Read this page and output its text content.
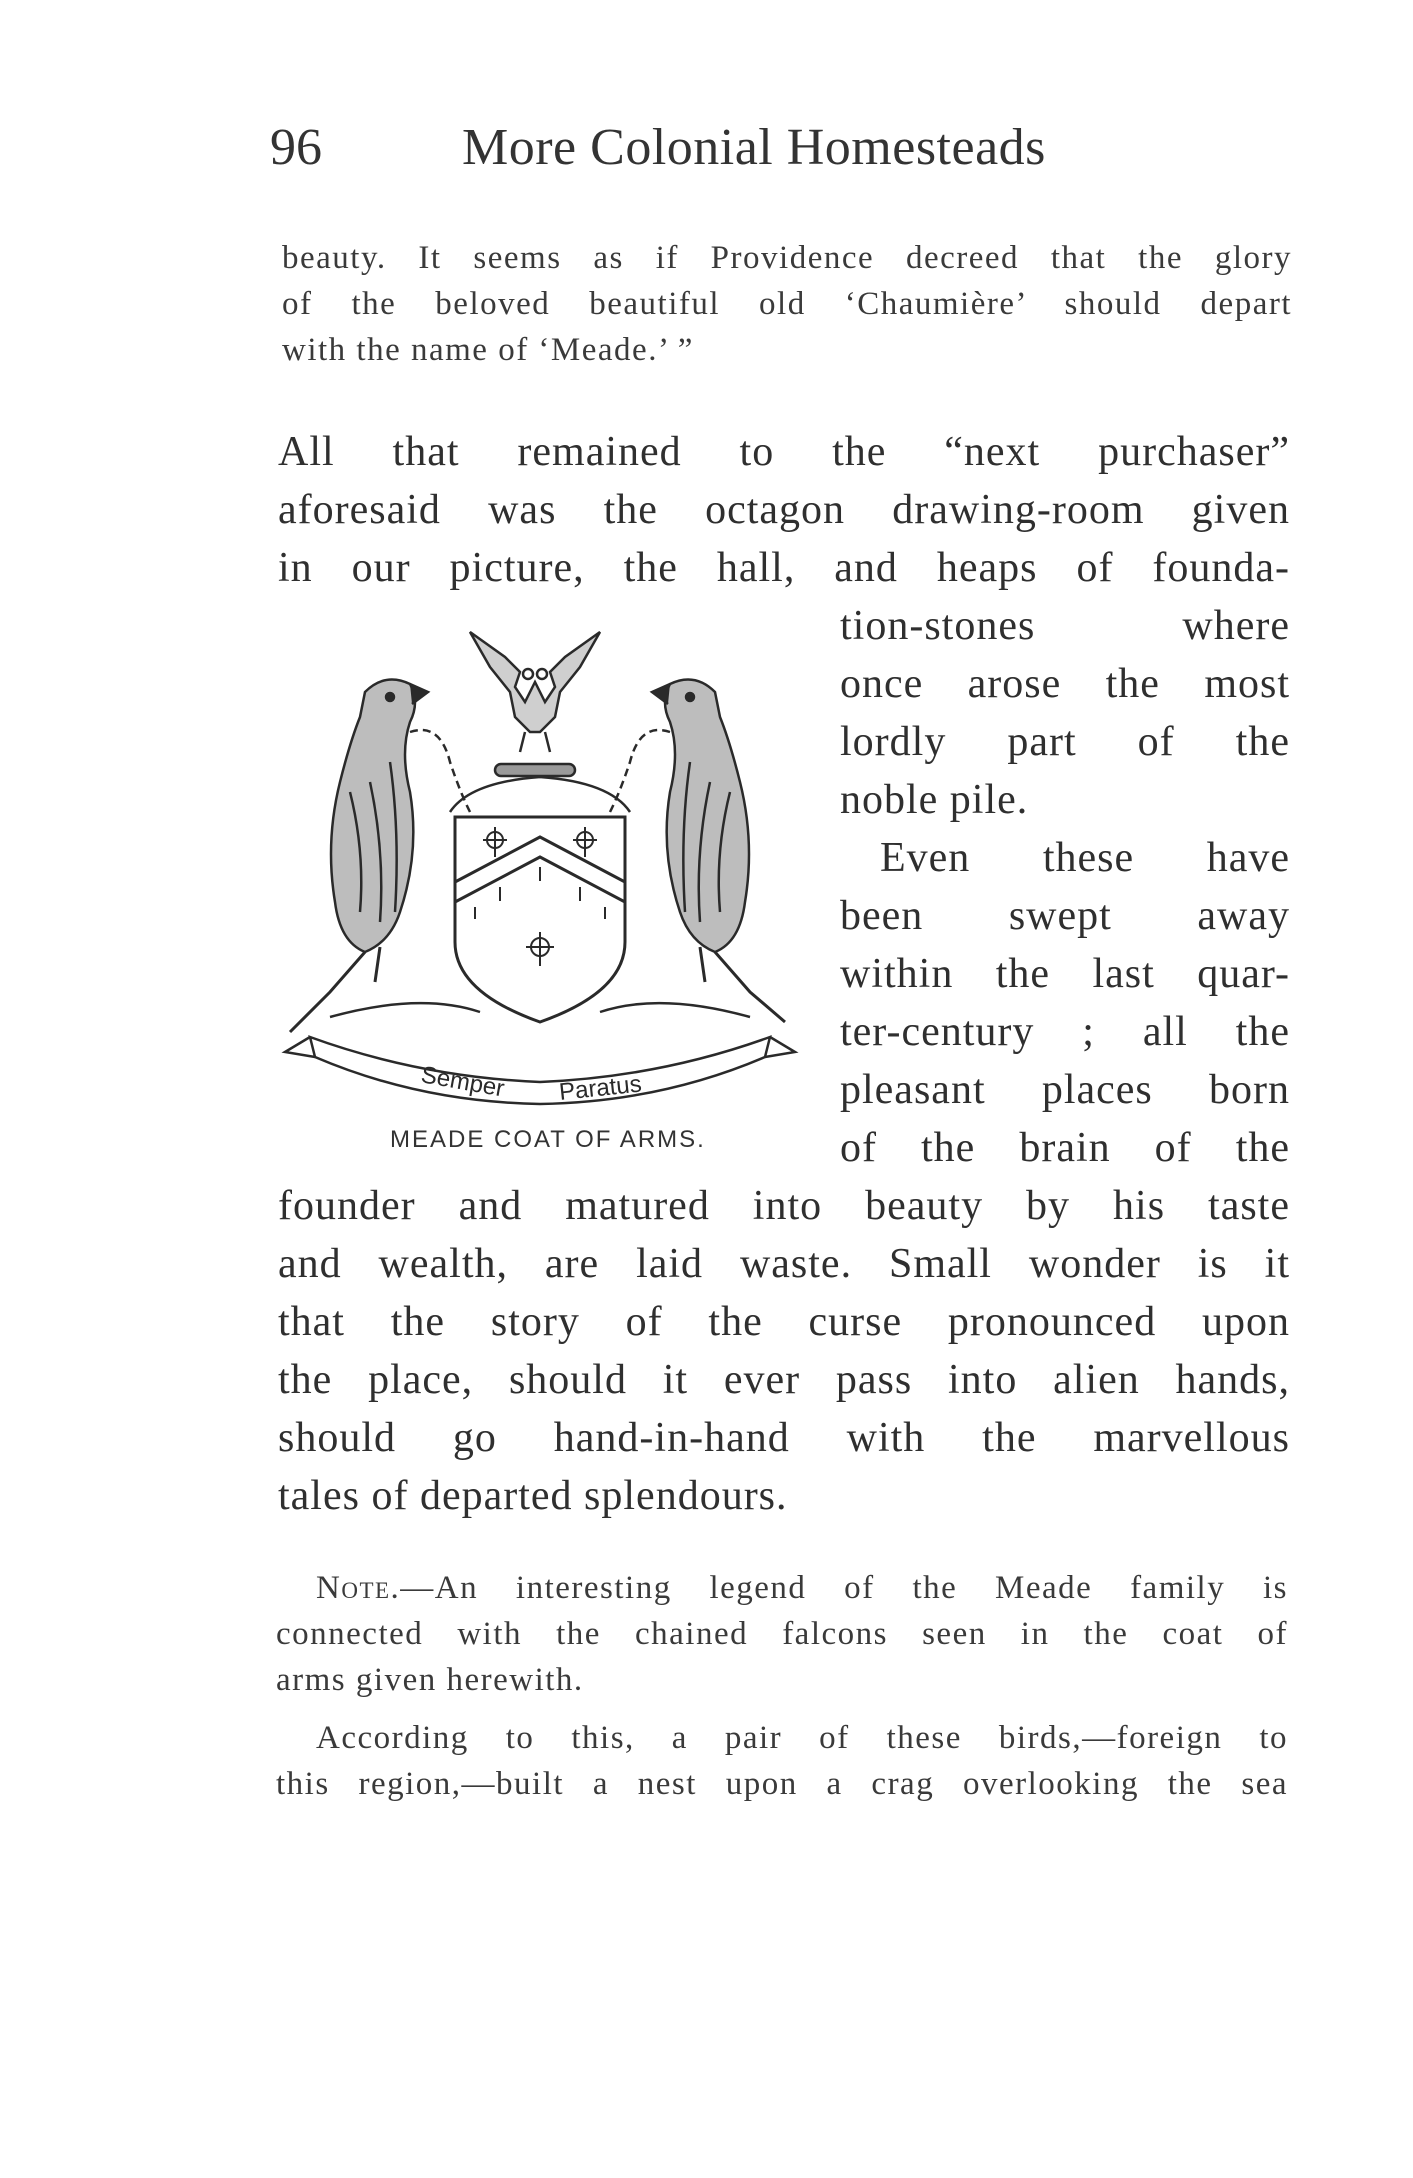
96	More Colonial Homesteads
beauty. It seems as if Providence decreed that the glory
of the beloved beautiful old ‘Chaumière’ should depart
with the name of ‘Meade.’ ”
All that remained to the “next purchaser”
aforesaid was the octagon drawing-room given
in our picture, the hall, and heaps of founda-
tion-stones where
once arose the most
lordly part of the
noble pile.
Even these have
been swept away
within the last quar-
ter-century ; all the
pleasant places born
of the brain of the
founder and matured into beauty by his taste
and wealth, are laid waste. Small wonder is it
that the story of the curse pronounced upon
the place, should it ever pass into alien hands,
should go hand-in-hand with the marvellous
tales of departed splendours.
Semper Paratus
MEADE COAT OF ARMS.
Note.—An interesting legend of the Meade family is
connected with the chained falcons seen in the coat of
arms given herewith.
According to this, a pair of these birds,—foreign to
this region,—built a nest upon a crag overlooking the sea
